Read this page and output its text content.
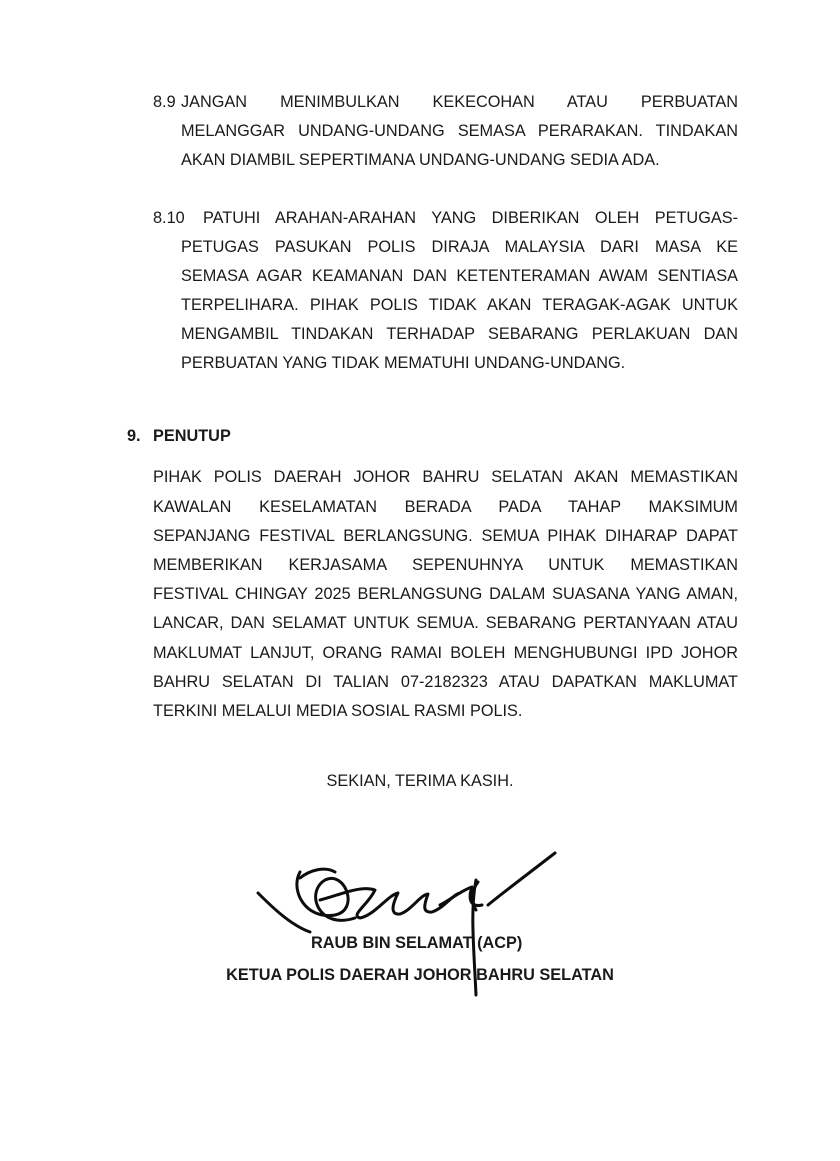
8.9 JANGAN MENIMBULKAN KEKECOHAN ATAU PERBUATAN
MELANGGAR UNDANG-UNDANG SEMASA PERARAKAN. TINDAKAN
AKAN DIAMBIL SEPERTIMANA UNDANG-UNDANG SEDIA ADA.
8.10 PATUHI ARAHAN-ARAHAN YANG DIBERIKAN OLEH PETUGAS-
PETUGAS PASUKAN POLIS DIRAJA MALAYSIA DARI MASA KE
SEMASA AGAR KEAMANAN DAN KETENTERAMAN AWAM SENTIASA
TERPELIHARA. PIHAK POLIS TIDAK AKAN TERAGAK-AGAK UNTUK
MENGAMBIL TINDAKAN TERHADAP SEBARANG PERLAKUAN DAN
PERBUATAN YANG TIDAK MEMATUHI UNDANG-UNDANG.
9. PENUTUP
PIHAK POLIS DAERAH JOHOR BAHRU SELATAN AKAN MEMASTIKAN
KAWALAN KESELAMATAN BERADA PADA TAHAP MAKSIMUM
SEPANJANG FESTIVAL BERLANGSUNG. SEMUA PIHAK DIHARAP DAPAT
MEMBERIKAN KERJASAMA SEPENUHNYA UNTUK MEMASTIKAN
FESTIVAL CHINGAY 2025 BERLANGSUNG DALAM SUASANA YANG AMAN,
LANCAR, DAN SELAMAT UNTUK SEMUA. SEBARANG PERTANYAAN ATAU
MAKLUMAT LANJUT, ORANG RAMAI BOLEH MENGHUBUNGI IPD JOHOR
BAHRU SELATAN DI TALIAN 07-2182323 ATAU DAPATKAN MAKLUMAT
TERKINI MELALUI MEDIA SOSIAL RASMI POLIS.
SEKIAN, TERIMA KASIH.
RAUB BIN SELAMAT (ACP)
KETUA POLIS DAERAH JOHOR BAHRU SELATAN
